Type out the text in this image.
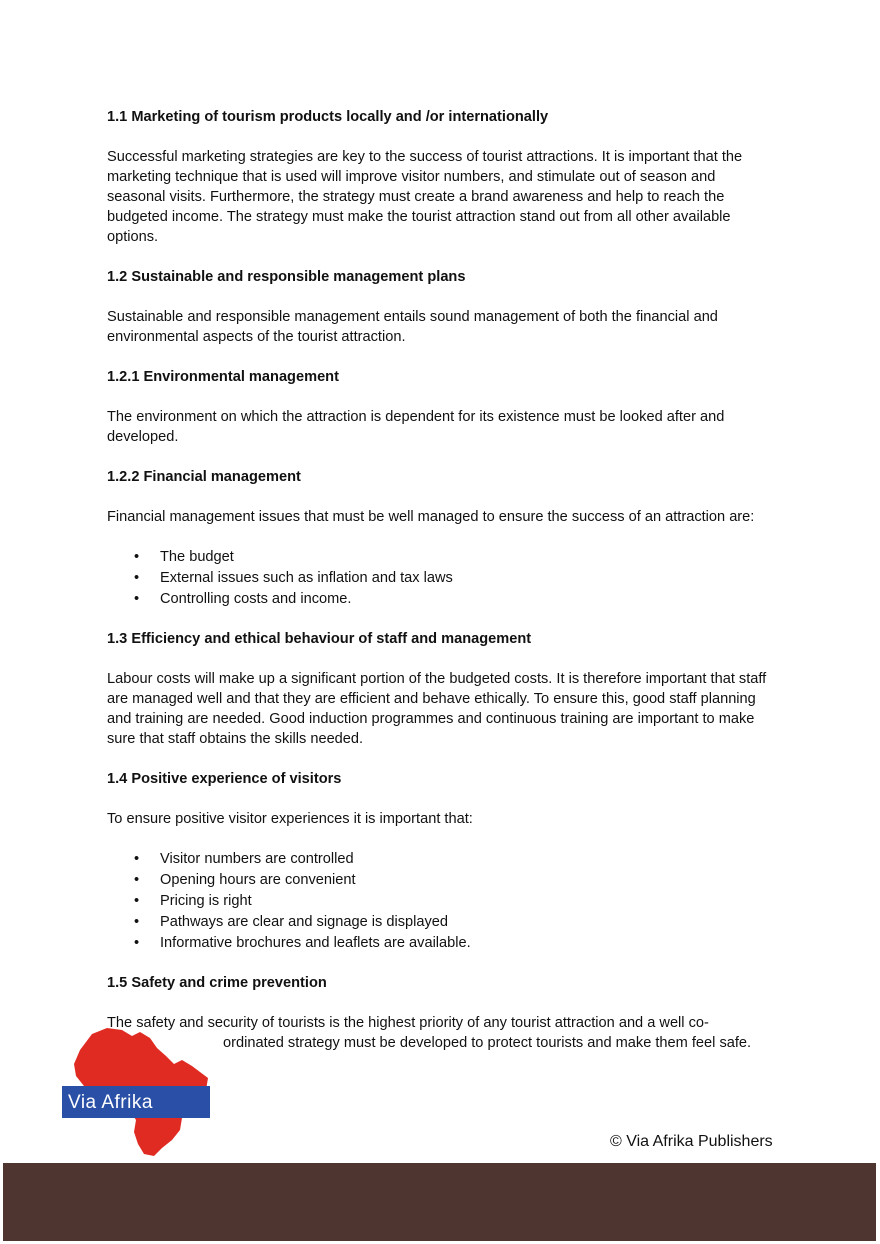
1.1 Marketing of tourism products locally and /or internationally

Successful marketing strategies are key to the success of tourist attractions. It is important that the marketing technique that is used will improve visitor numbers, and stimulate out of season and seasonal visits. Furthermore, the strategy must create a brand awareness and help to reach the budgeted income. The strategy must make the tourist attraction stand out from all other available options.

1.2 Sustainable and responsible management plans

Sustainable and responsible management entails sound management of both the financial and environmental aspects of the tourist attraction.

1.2.1 Environmental management

The environment on which the attraction is dependent for its existence must be looked after and developed.

1.2.2 Financial management

Financial management issues that must be well managed to ensure the success of an attraction are:

• The budget
• External issues such as inflation and tax laws
• Controlling costs and income.
1.3 Efficiency and ethical behaviour of staff and management

Labour costs will make up a significant portion of the budgeted costs. It is therefore important that staff are managed well and that they are efficient and behave ethically. To ensure this, good staff planning and training are needed. Good induction programmes and continuous training are important to make sure that staff obtains the skills needed.

1.4 Positive experience of visitors

To ensure positive visitor experiences it is important that:

• Visitor numbers are controlled
• Opening hours are convenient
• Pricing is right
• Pathways are clear and signage is displayed
• Informative brochures and leaflets are available.
1.5 Safety and crime prevention

The safety and security of tourists is the highest priority of any tourist attraction and a well co-

ordinated strategy must be developed to protect tourists and make them feel safe.

Via Afrika
© Via Afrika Publishers
